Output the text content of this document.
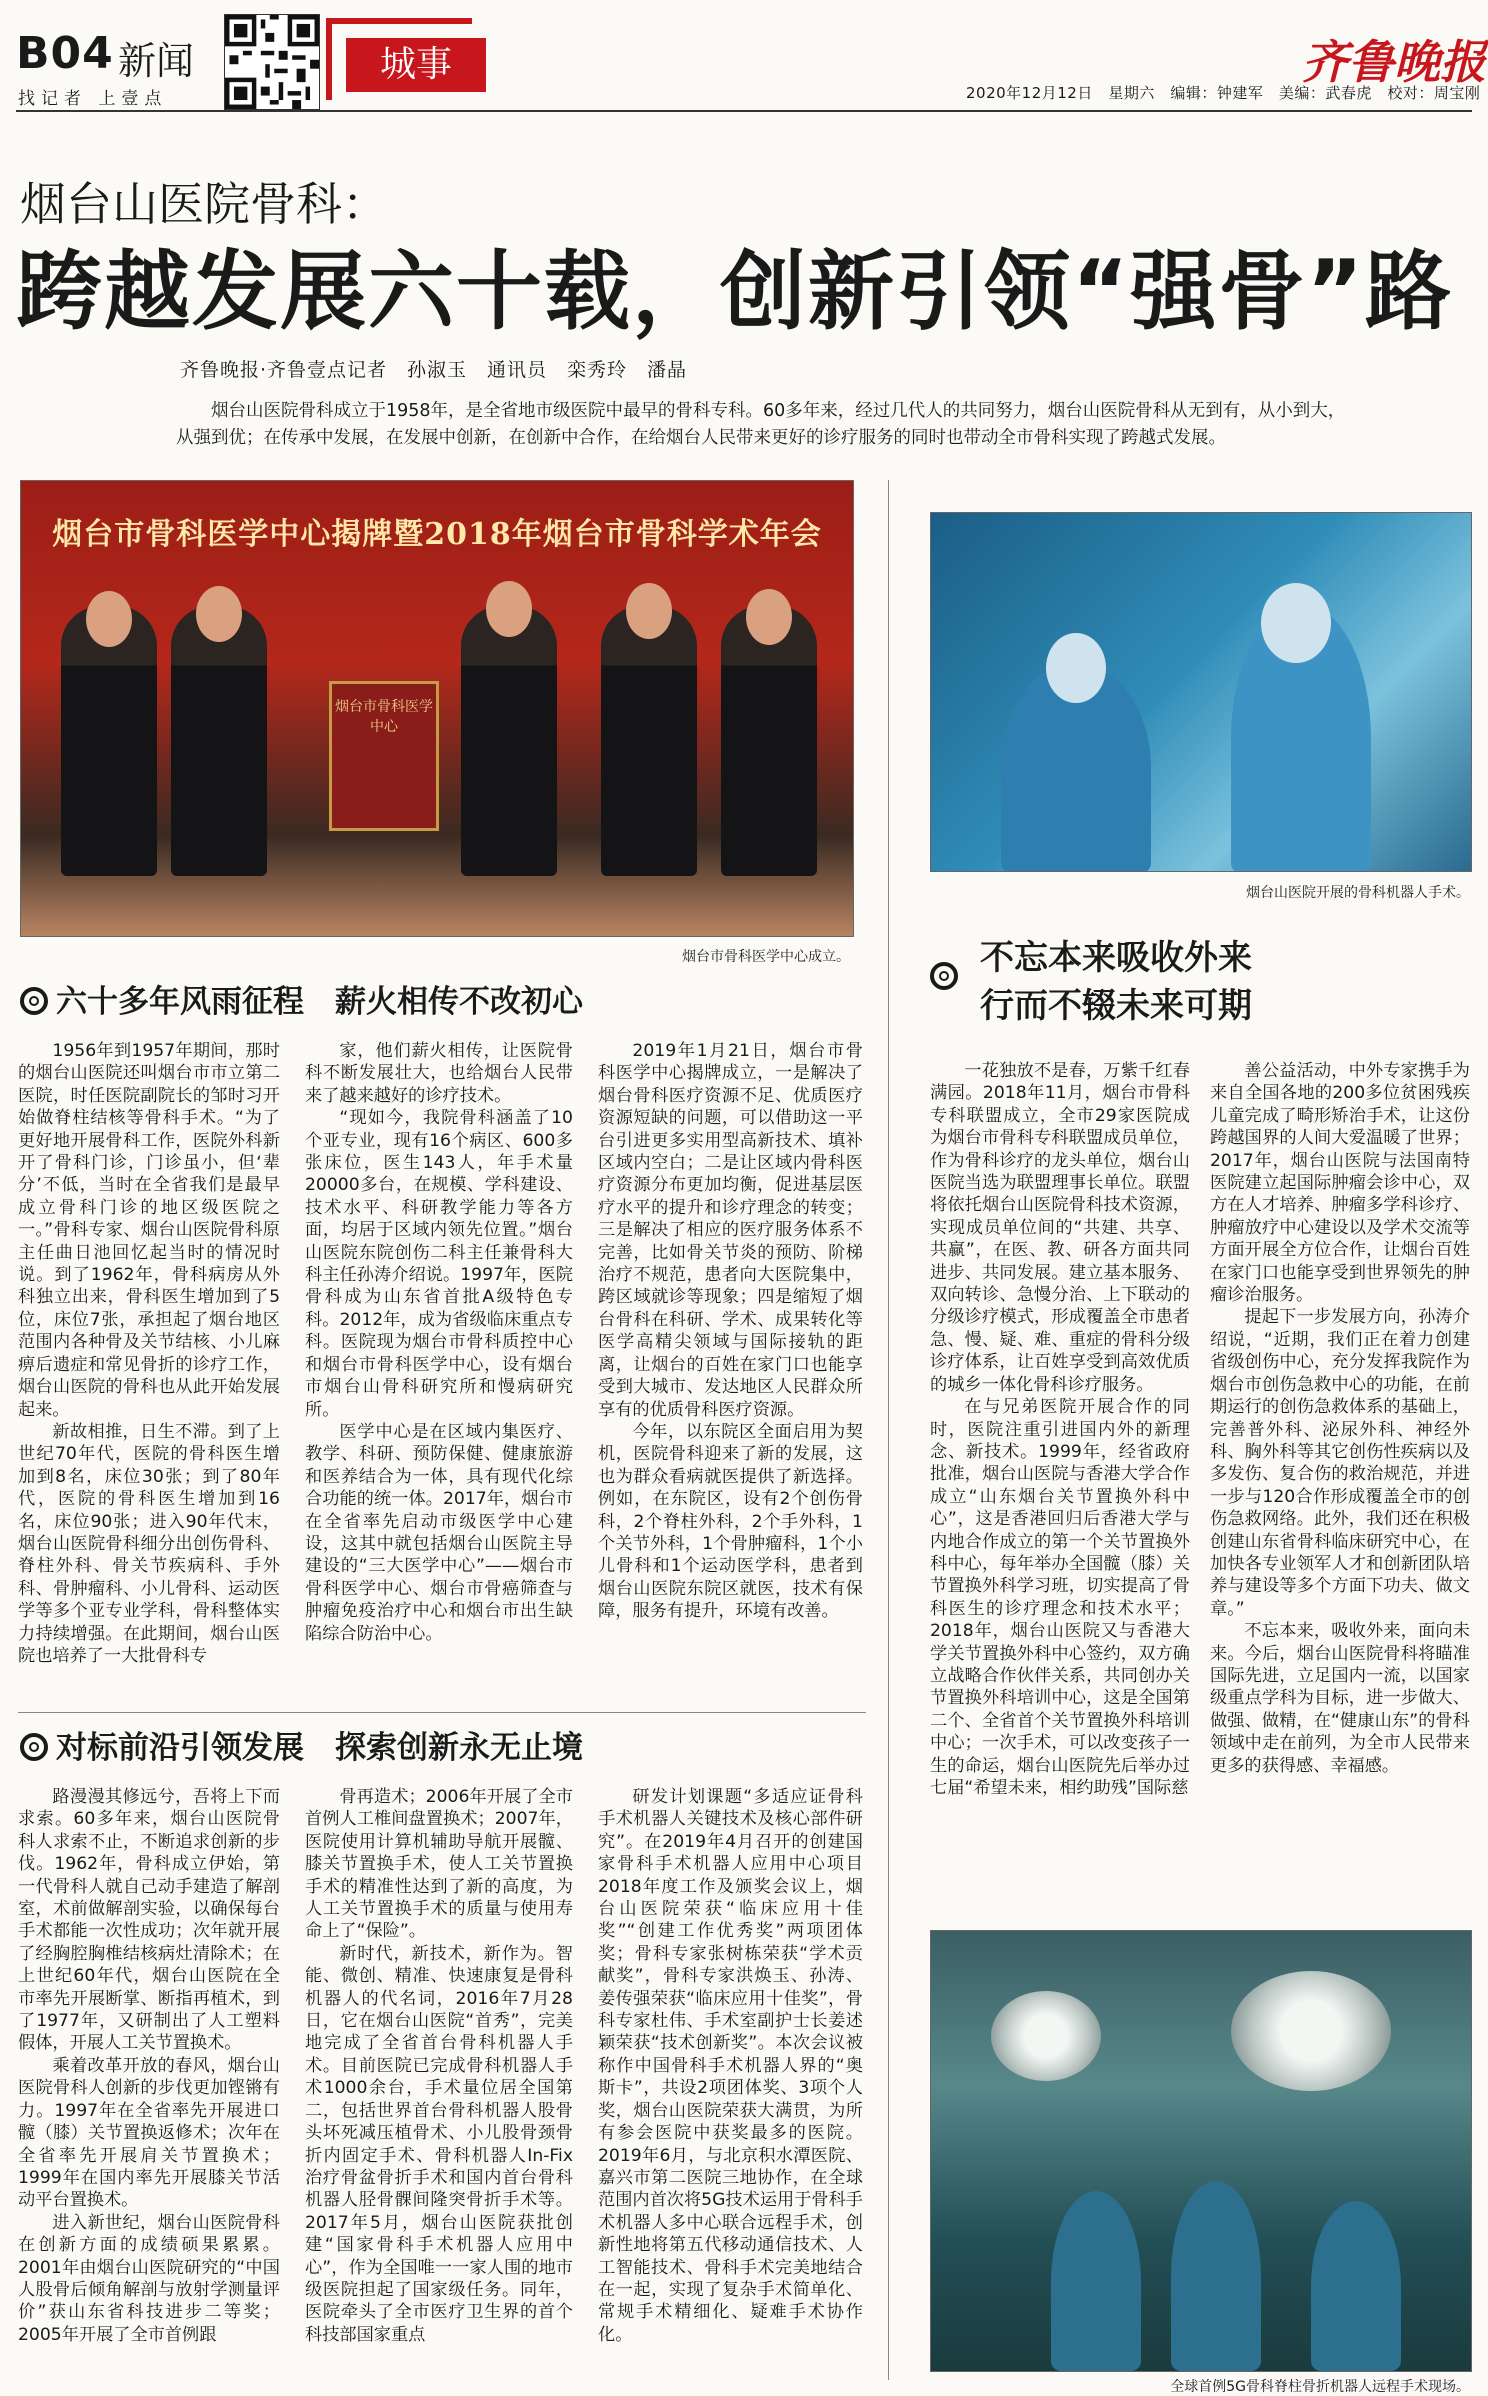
B04 新闻
找记者 上壹点
城事	齐鲁晚报
2020年12月12日　星期六　编辑：钟建军　美编：武春虎　校对：周宝刚
烟台山医院骨科：
跨越发展六十载，创新引领“强骨”路
齐鲁晚报·齐鲁壹点记者　孙淑玉　通讯员　栾秀玲　潘晶
烟台山医院骨科成立于1958年，是全省地市级医院中最早的骨科专科。60多年来，经过几代人的共同努力，烟台山医院骨科从无到有，从小到大，从强到优；在传承中发展，在发展中创新，在创新中合作，在给烟台人民带来更好的诊疗服务的同时也带动全市骨科实现了跨越式发展。
烟台市骨科医学中心揭牌暨2018年烟台市骨科学术年会
烟台市骨科医学中心
烟台市骨科医学中心成立。
烟台山医院开展的骨科机器人手术。
全球首例5G骨科脊柱骨折机器人远程手术现场。
六十多年风雨征程　薪火相传不改初心
对标前沿引领发展　探索创新永无止境
不忘本来吸收外来
行而不辍未来可期

1956年到1957年期间，那时的烟台山医院还叫烟台市市立第二医院，时任医院副院长的邹时习开始做脊柱结核等骨科手术。“为了更好地开展骨科工作，医院外科新开了骨科门诊，门诊虽小，但‘辈分’不低，当时在全省我们是最早成立骨科门诊的地区级医院之一。”骨科专家、烟台山医院骨科原主任曲日池回忆起当时的情况时说。到了1962年，骨科病房从外科独立出来，骨科医生增加到了5位，床位7张，承担起了烟台地区范围内各种骨及关节结核、小儿麻痹后遗症和常见骨折的诊疗工作，烟台山医院的骨科也从此开始发展起来。

新故相推，日生不滞。到了上世纪70年代，医院的骨科医生增加到8名，床位30张；到了80年代，医院的骨科医生增加到16名，床位90张；进入90年代末，烟台山医院骨科细分出创伤骨科、脊柱外科、骨关节疾病科、手外科、骨肿瘤科、小儿骨科、运动医学等多个亚专业学科，骨科整体实力持续增强。在此期间，烟台山医院也培养了一大批骨科专

家，他们薪火相传，让医院骨科不断发展壮大，也给烟台人民带来了越来越好的诊疗技术。

“现如今，我院骨科涵盖了10个亚专业，现有16个病区、600多张床位，医生143人，年手术量20000多台，在规模、学科建设、技术水平、科研教学能力等各方面，均居于区域内领先位置。”烟台山医院东院创伤二科主任兼骨科大科主任孙涛介绍说。1997年，医院骨科成为山东省首批A级特色专科。2012年，成为省级临床重点专科。医院现为烟台市骨科质控中心和烟台市骨科医学中心，设有烟台市烟台山骨科研究所和慢病研究所。

医学中心是在区域内集医疗、教学、科研、预防保健、健康旅游和医养结合为一体，具有现代化综合功能的统一体。2017年，烟台市在全省率先启动市级医学中心建设，这其中就包括烟台山医院主导建设的“三大医学中心”——烟台市骨科医学中心、烟台市骨癌筛查与肿瘤免疫治疗中心和烟台市出生缺陷综合防治中心。

2019年1月21日，烟台市骨科医学中心揭牌成立，一是解决了烟台骨科医疗资源不足、优质医疗资源短缺的问题，可以借助这一平台引进更多实用型高新技术、填补区域内空白；二是让区域内骨科医疗资源分布更加均衡，促进基层医疗水平的提升和诊疗理念的转变；三是解决了相应的医疗服务体系不完善，比如骨关节炎的预防、阶梯治疗不规范，患者向大医院集中，跨区域就诊等现象；四是缩短了烟台骨科在科研、学术、成果转化等医学高精尖领域与国际接轨的距离，让烟台的百姓在家门口也能享受到大城市、发达地区人民群众所享有的优质骨科医疗资源。

今年，以东院区全面启用为契机，医院骨科迎来了新的发展，这也为群众看病就医提供了新选择。例如，在东院区，设有2个创伤骨科，2个脊柱外科，2个手外科，1个关节外科，1个骨肿瘤科，1个小儿骨科和1个运动医学科，患者到烟台山医院东院区就医，技术有保障，服务有提升，环境有改善。

路漫漫其修远兮，吾将上下而求索。60多年来，烟台山医院骨科人求索不止，不断追求创新的步伐。1962年，骨科成立伊始，第一代骨科人就自己动手建造了解剖室，术前做解剖实验，以确保每台手术都能一次性成功；次年就开展了经胸腔胸椎结核病灶清除术；在上世纪60年代，烟台山医院在全市率先开展断掌、断指再植术，到了1977年，又研制出了人工塑料假体，开展人工关节置换术。

乘着改革开放的春风，烟台山医院骨科人创新的步伐更加铿锵有力。1997年在全省率先开展进口髋（膝）关节置换返修术；次年在全省率先开展肩关节置换术；1999年在国内率先开展膝关节活动平台置换术。

进入新世纪，烟台山医院骨科在创新方面的成绩硕果累累。2001年由烟台山医院研究的“中国人股骨后倾角解剖与放射学测量评价”获山东省科技进步二等奖；2005年开展了全市首例跟

骨再造术；2006年开展了全市首例人工椎间盘置换术；2007年，医院使用计算机辅助导航开展髋、膝关节置换手术，使人工关节置换手术的精准性达到了新的高度，为人工关节置换手术的质量与使用寿命上了“保险”。

新时代，新技术，新作为。智能、微创、精准、快速康复是骨科机器人的代名词，2016年7月28日，它在烟台山医院“首秀”，完美地完成了全省首台骨科机器人手术。目前医院已完成骨科机器人手术1000余台，手术量位居全国第二，包括世界首台骨科机器人股骨头坏死减压植骨术、小儿股骨颈骨折内固定手术、骨科机器人In-Fix治疗骨盆骨折手术和国内首台骨科机器人胫骨髁间隆突骨折手术等。2017年5月，烟台山医院获批创建“国家骨科手术机器人应用中心”，作为全国唯一一家人围的地市级医院担起了国家级任务。同年，医院牵头了全市医疗卫生界的首个科技部国家重点

研发计划课题“多适应证骨科手术机器人关键技术及核心部件研究”。在2019年4月召开的创建国家骨科手术机器人应用中心项目2018年度工作及颁奖会议上，烟台山医院荣获“临床应用十佳奖”“创建工作优秀奖”两项团体奖；骨科专家张树栋荣获“学术贡献奖”，骨科专家洪焕玉、孙涛、姜传强荣获“临床应用十佳奖”，骨科专家杜伟、手术室副护士长姜述颖荣获“技术创新奖”。本次会议被称作中国骨科手术机器人界的“奥斯卡”，共设2项团体奖、3项个人奖，烟台山医院荣获大满贯，为所有参会医院中获奖最多的医院。2019年6月，与北京积水潭医院、嘉兴市第二医院三地协作，在全球范围内首次将5G技术运用于骨科手术机器人多中心联合远程手术，创新性地将第五代移动通信技术、人工智能技术、骨科手术完美地结合在一起，实现了复杂手术简单化、常规手术精细化、疑难手术协作化。

一花独放不是春，万紫千红春满园。2018年11月，烟台市骨科专科联盟成立，全市29家医院成为烟台市骨科专科联盟成员单位，作为骨科诊疗的龙头单位，烟台山医院当选为联盟理事长单位。联盟将依托烟台山医院骨科技术资源，实现成员单位间的“共建、共享、共赢”，在医、教、研各方面共同进步、共同发展。建立基本服务、双向转诊、急慢分治、上下联动的分级诊疗模式，形成覆盖全市患者急、慢、疑、难、重症的骨科分级诊疗体系，让百姓享受到高效优质的城乡一体化骨科诊疗服务。

在与兄弟医院开展合作的同时，医院注重引进国内外的新理念、新技术。1999年，经省政府批准，烟台山医院与香港大学合作成立“山东烟台关节置换外科中心”，这是香港回归后香港大学与内地合作成立的第一个关节置换外科中心，每年举办全国髋（膝）关节置换外科学习班，切实提高了骨科医生的诊疗理念和技术水平；2018年，烟台山医院又与香港大学关节置换外科中心签约，双方确立战略合作伙伴关系，共同创办关节置换外科培训中心，这是全国第二个、全省首个关节置换外科培训中心；一次手术，可以改变孩子一生的命运，烟台山医院先后举办过七届“希望未来，相约助残”国际慈

善公益活动，中外专家携手为来自全国各地的200多位贫困残疾儿童完成了畸形矫治手术，让这份跨越国界的人间大爱温暖了世界；2017年，烟台山医院与法国南特医院建立起国际肿瘤会诊中心，双方在人才培养、肿瘤多学科诊疗、肿瘤放疗中心建设以及学术交流等方面开展全方位合作，让烟台百姓在家门口也能享受到世界领先的肿瘤诊治服务。

提起下一步发展方向，孙涛介绍说，“近期，我们正在着力创建省级创伤中心，充分发挥我院作为烟台市创伤急救中心的功能，在前期运行的创伤急救体系的基础上，完善普外科、泌尿外科、神经外科、胸外科等其它创伤性疾病以及多发伤、复合伤的救治规范，并进一步与120合作形成覆盖全市的创伤急救网络。此外，我们还在积极创建山东省骨科临床研究中心，在加快各专业领军人才和创新团队培养与建设等多个方面下功夫、做文章。”

不忘本来，吸收外来，面向未来。今后，烟台山医院骨科将瞄准国际先进，立足国内一流，以国家级重点学科为目标，进一步做大、做强、做精，在“健康山东”的骨科领域中走在前列，为全市人民带来更多的获得感、幸福感。
